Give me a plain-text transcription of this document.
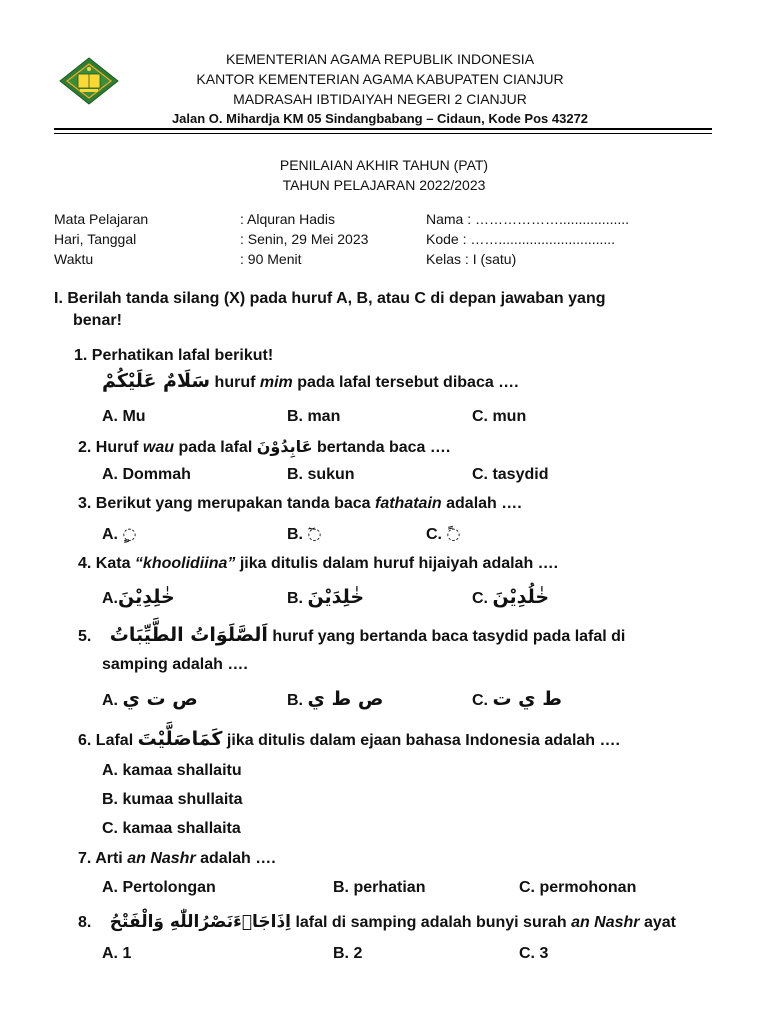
KEMENTERIAN AGAMA REPUBLIK INDONESIA
KANTOR KEMENTERIAN AGAMA KABUPATEN CIANJUR
MADRASAH IBTIDAIYAH NEGERI 2 CIANJUR
Jalan O. Mihardja KM 05 Sindangbabang – Cidaun, Kode Pos 43272
PENILAIAN AKHIR TAHUN (PAT)
TAHUN PELAJARAN 2022/2023
Mata Pelajaran	: Alquran Hadis	Nama : ………………..................
Hari, Tanggal	: Senin, 29 Mei 2023	Kode : ……..............................
Waktu	: 90 Menit	Kelas : I (satu)
I. Berilah tanda silang (X) pada huruf A, B, atau C di depan jawaban yang
benar!
1. Perhatikan lafal berikut!
سَلَامٌ عَلَيْكُمْ huruf mim pada lafal tersebut dibaca ….
A. Mu	B. man	C. mun
2. Huruf wau pada lafal عَابِدُوْنَ bertanda baca ….
A. Dommah	B. sukun	C. tasydid
3. Berikut yang merupakan tanda baca fathatain adalah ….
A. ◌ٍ	B. ◌ٓ	C. ◌ً
4. Kata “khoolidiina” jika ditulis dalam huruf hijaiyah adalah ….
A.خٰلِدِيْنَ	B. خٰلِدَيْنَ	C. خٰلُدِيْنَ
5. اَلصَّلَوَاتُ الطَّيِّبَاتُ huruf yang bertanda baca tasydid pada lafal di
samping adalah ….
A. ص ت ي	B. ص ط ي	C. ط ي ت
6. Lafal كَمَاصَلَّيْتَ jika ditulis dalam ejaan bahasa Indonesia adalah ….
A. kamaa shallaitu
B. kumaa shullaita
C. kamaa shallaita
7. Arti an Nashr adalah ….
A. Pertolongan	B. perhatian	C. permohonan
8. اِذَاجَاۤءَنَصْرُاللّٰهِ وَالْفَتْحُ lafal di samping adalah bunyi surah an Nashr ayat
A. 1	B. 2	C. 3
